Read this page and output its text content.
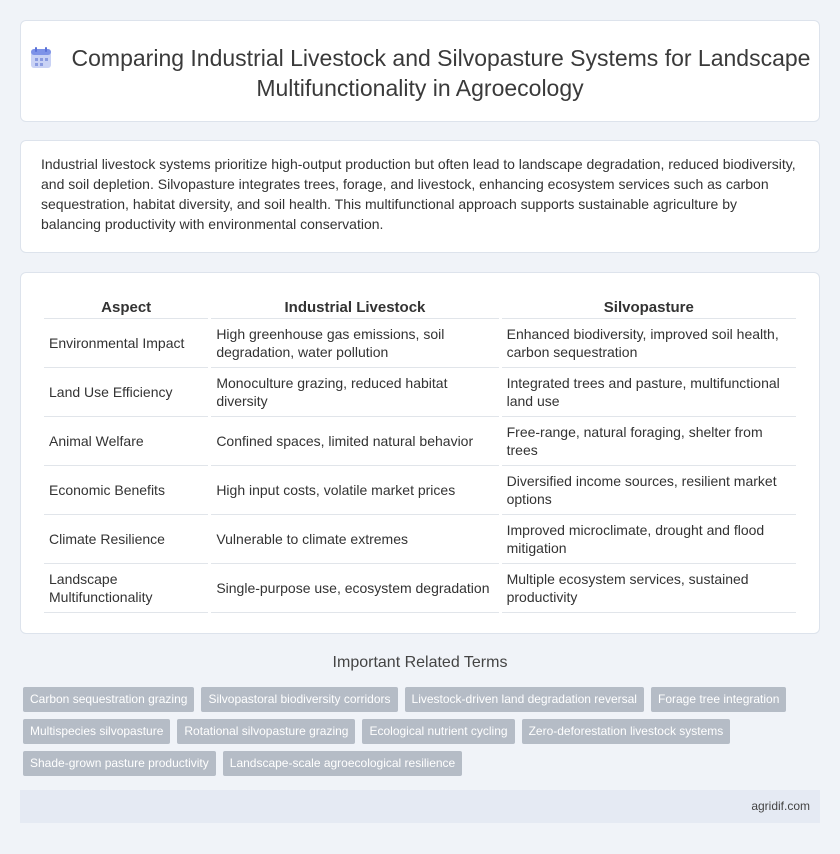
Comparing Industrial Livestock and Silvopasture Systems for Landscape Multifunctionality in Agroecology

Industrial livestock systems prioritize high-output production but often lead to landscape degradation, reduced biodiversity, and soil depletion. Silvopasture integrates trees, forage, and livestock, enhancing ecosystem services such as carbon sequestration, habitat diversity, and soil health. This multifunctional approach supports sustainable agriculture by balancing productivity with environmental conservation.

Aspect	Industrial Livestock	Silvopasture
Environmental Impact	High greenhouse gas emissions, soil degradation, water pollution	Enhanced biodiversity, improved soil health, carbon sequestration
Land Use Efficiency	Monoculture grazing, reduced habitat diversity	Integrated trees and pasture, multifunctional land use
Animal Welfare	Confined spaces, limited natural behavior	Free-range, natural foraging, shelter from trees
Economic Benefits	High input costs, volatile market prices	Diversified income sources, resilient market options
Climate Resilience	Vulnerable to climate extremes	Improved microclimate, drought and flood mitigation
Landscape Multifunctionality	Single-purpose use, ecosystem degradation	Multiple ecosystem services, sustained productivity
Important Related Terms
Carbon sequestration grazing	Silvopastoral biodiversity corridors	Livestock-driven land degradation reversal	Forage tree integration
Multispecies silvopasture	Rotational silvopasture grazing	Ecological nutrient cycling	Zero-deforestation livestock systems
Shade-grown pasture productivity	Landscape-scale agroecological resilience
agridif.com
